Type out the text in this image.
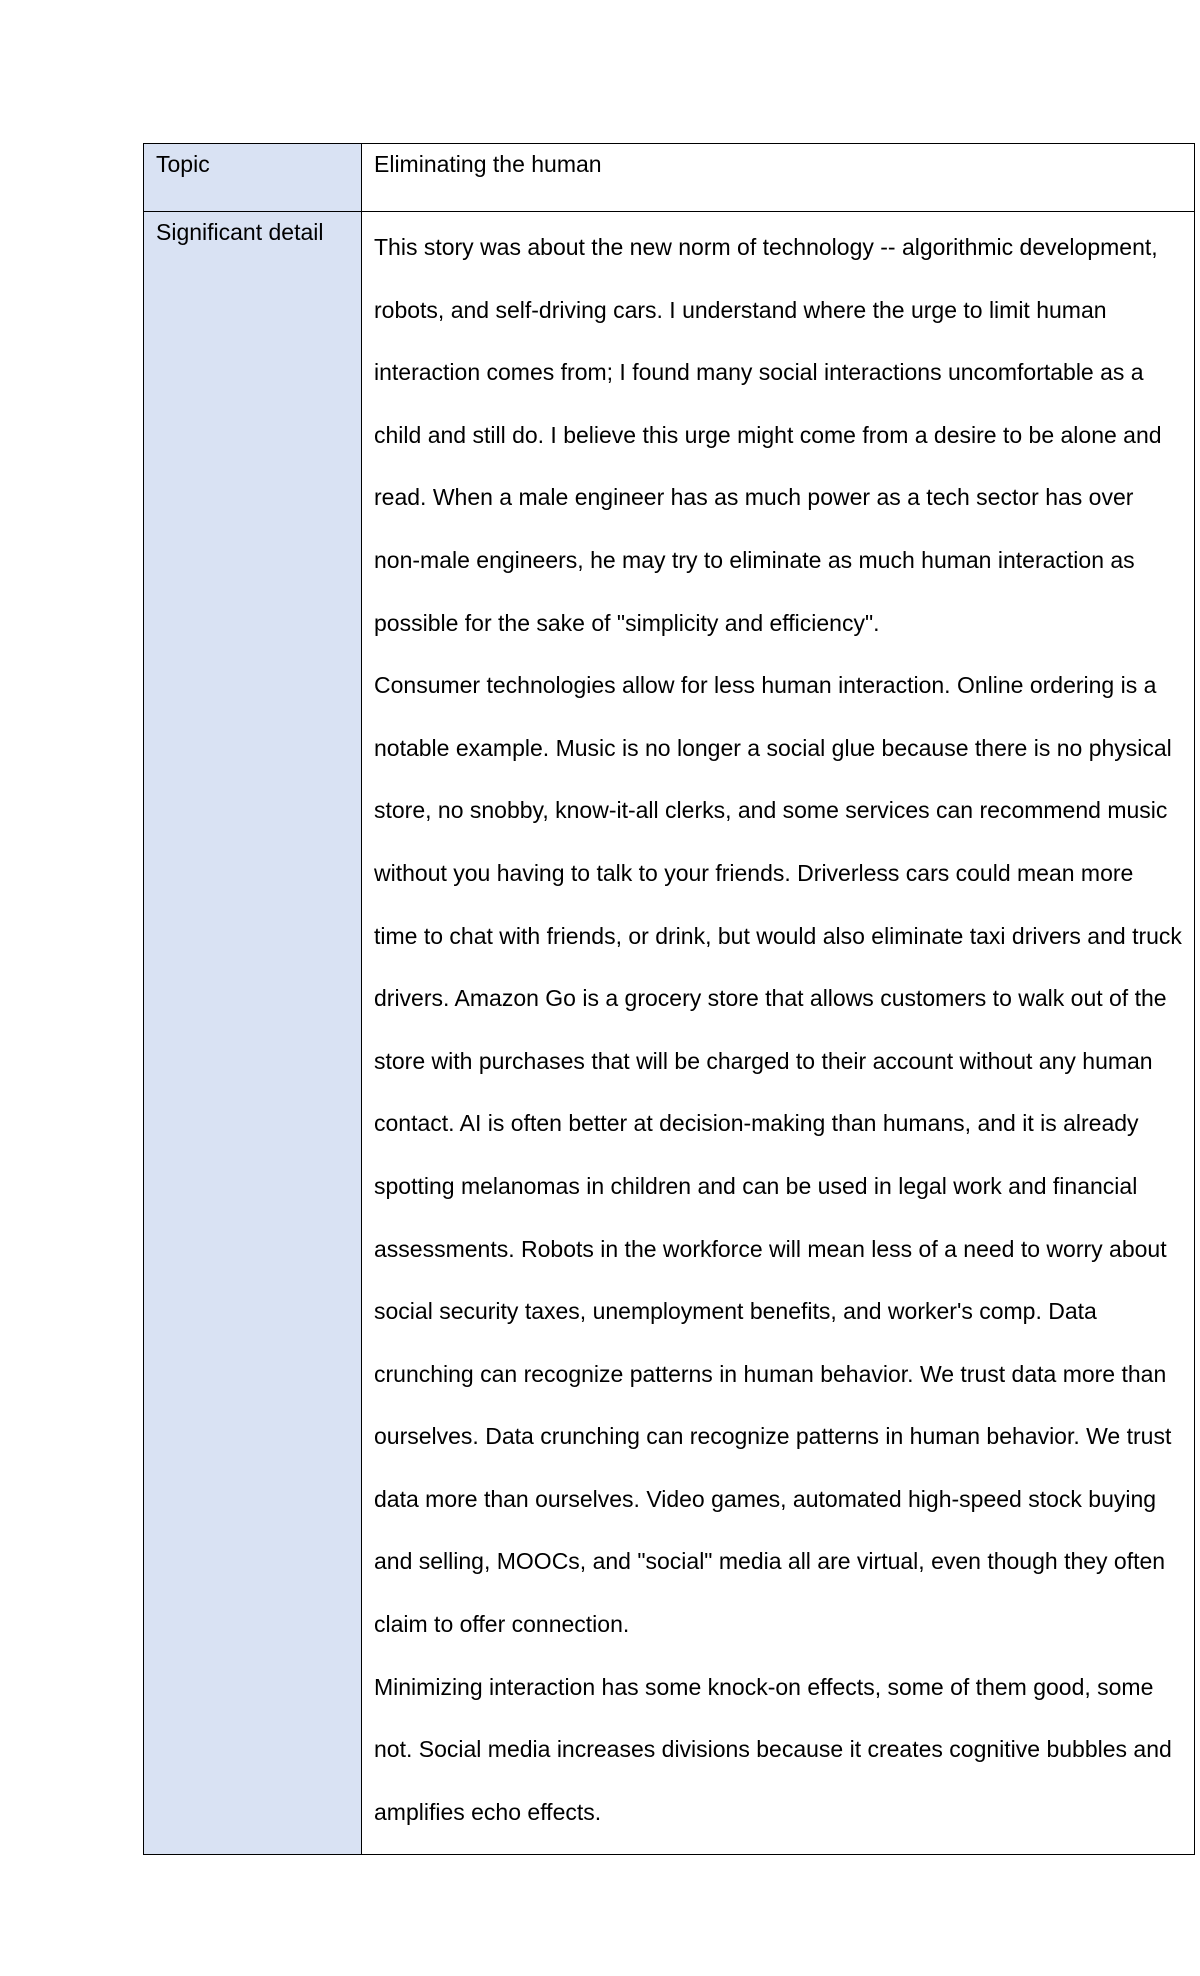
Topic	Eliminating the human

Significant detail	This story was about the new norm of technology -- algorithmic development, robots, and self-driving cars. I understand where the urge to limit human interaction comes from; I found many social interactions uncomfortable as a child and still do. I believe this urge might come from a desire to be alone and read. When a male engineer has as much power as a tech sector has over non-male engineers, he may try to eliminate as much human interaction as possible for the sake of "simplicity and efficiency".

Consumer technologies allow for less human interaction. Online ordering is a notable example. Music is no longer a social glue because there is no physical store, no snobby, know-it-all clerks, and some services can recommend music without you having to talk to your friends. Driverless cars could mean more time to chat with friends, or drink, but would also eliminate taxi drivers and truck drivers. Amazon Go is a grocery store that allows customers to walk out of the store with purchases that will be charged to their account without any human contact. AI is often better at decision-making than humans, and it is already spotting melanomas in children and can be used in legal work and financial assessments. Robots in the workforce will mean less of a need to worry about social security taxes, unemployment benefits, and worker's comp. Data crunching can recognize patterns in human behavior. We trust data more than ourselves. Data crunching can recognize patterns in human behavior. We trust data more than ourselves. Video games, automated high-speed stock buying and selling, MOOCs, and "social" media all are virtual, even though they often claim to offer connection.

Minimizing interaction has some knock-on effects, some of them good, some not. Social media increases divisions because it creates cognitive bubbles and amplifies echo effects.
